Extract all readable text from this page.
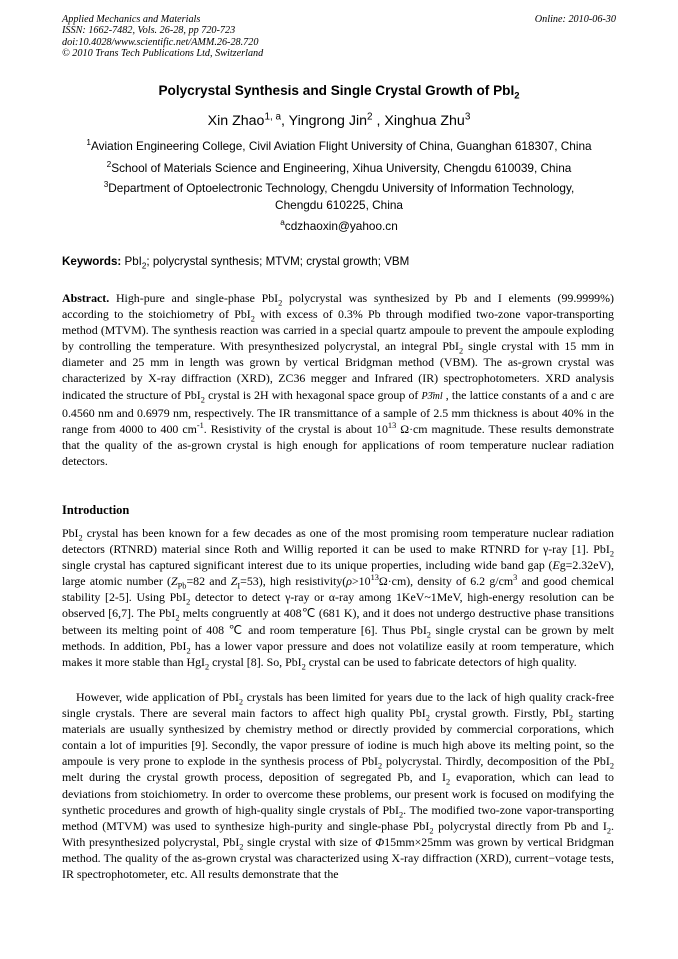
Applied Mechanics and Materials
ISSN: 1662-7482, Vols. 26-28, pp 720-723
doi:10.4028/www.scientific.net/AMM.26-28.720
© 2010 Trans Tech Publications Ltd, Switzerland
Online: 2010-06-30
Polycrystal Synthesis and Single Crystal Growth of PbI$_2$
Xin Zhao$^{1, a}$, Yingrong Jin$^2$ , Xinghua Zhu$^3$
$^1$Aviation Engineering College, Civil Aviation Flight University of China, Guanghan 618307, China
$^2$School of Materials Science and Engineering, Xihua University, Chengdu 610039, China
$^3$Department of Optoelectronic Technology, Chengdu University of Information Technology,
Chengdu 610225, China
$^a$cdzhaoxin@yahoo.cn
Keywords: PbI$_2$; polycrystal synthesis; MTVM; crystal growth; VBM
Abstract. High-pure and single-phase PbI$_2$ polycrystal was synthesized by Pb and I elements (99.9999%) according to the stoichiometry of PbI$_2$ with excess of 0.3% Pb through modified two-zone vapor-transporting method (MTVM). The synthesis reaction was carried in a special quartz ampoule to prevent the ampoule exploding by controlling the temperature. With presynthesized polycrystal, an integral PbI$_2$ single crystal with 15 mm in diameter and 25 mm in length was grown by vertical Bridgman method (VBM). The as-grown crystal was characterized by X-ray diffraction (XRD), ZC36 megger and Infrared (IR) spectrophotometers. XRD analysis indicated the structure of PbI$_2$ crystal is 2H with hexagonal space group of P3̄ml , the lattice constants of a and c are 0.4560 nm and 0.6979 nm, respectively. The IR transmittance of a sample of 2.5 mm thickness is about 40% in the range from 4000 to 400 $cm^{-1}$. Resistivity of the crystal is about $10^{13}$ Ω·cm magnitude. These results demonstrate that the quality of the as-grown crystal is high enough for applications of room temperature nuclear radiation detectors.
Introduction
PbI$_2$ crystal has been known for a few decades as one of the most promising room temperature nuclear radiation detectors (RTNRD) material since Roth and Willig reported it can be used to make RTNRD for γ-ray [1]. PbI$_2$ single crystal has captured significant interest due to its unique properties, including wide band gap (Eg=2.32eV), large atomic number ($Z_{Pb}=82$ and $Z_I=53$), high $resistivity(\rho>10^{13}\Omega\cdot cm)$, density of 6.2 $g/cm^3$ and good chemical stability [2-5]. Using PbI$_2$ detector to detect γ-ray or α-ray among 1KeV~1MeV, high-energy resolution can be observed [6,7]. The PbI$_2$ melts congruently at 408℃ (681 K), and it does not undergo destructive phase transitions between its melting point of 408 ℃ and room temperature [6]. Thus PbI$_2$ single crystal can be grown by melt methods. In addition, PbI$_2$ has a lower vapor pressure and does not volatilize easily at room temperature, which makes it more stable than HgI$_2$ crystal [8]. So, PbI$_2$ crystal can be used to fabricate detectors of high quality.
However, wide application of PbI$_2$ crystals has been limited for years due to the lack of high quality crack-free single crystals. There are several main factors to affect high quality PbI$_2$ crystal growth. Firstly, PbI$_2$ starting materials are usually synthesized by chemistry method or directly provided by commercial corporations, which contain a lot of impurities [9]. Secondly, the vapor pressure of iodine is much high above its melting point, so the ampoule is very prone to explode in the synthesis process of PbI$_2$ polycrystal. Thirdly, decomposition of the PbI$_2$ melt during the crystal growth process, deposition of segregated Pb, and $I_2$ evaporation, which can lead to deviations from stoichiometry. In order to overcome these problems, our present work is focused on modifying the synthetic procedures and growth of high-quality single crystals of PbI$_2$. The modified two-zone vapor-transporting method (MTVM) was used to synthesize high-purity and single-phase PbI$_2$ polycrystal directly from Pb and $I_2$. With presynthesized polycrystal, PbI$_2$ single crystal with size of Φ15mm×25mm was grown by vertical Bridgman method. The quality of the as-grown crystal was characterized using X-ray diffraction (XRD), current−votage tests, IR spectrophotometer, etc. All results demonstrate that the
